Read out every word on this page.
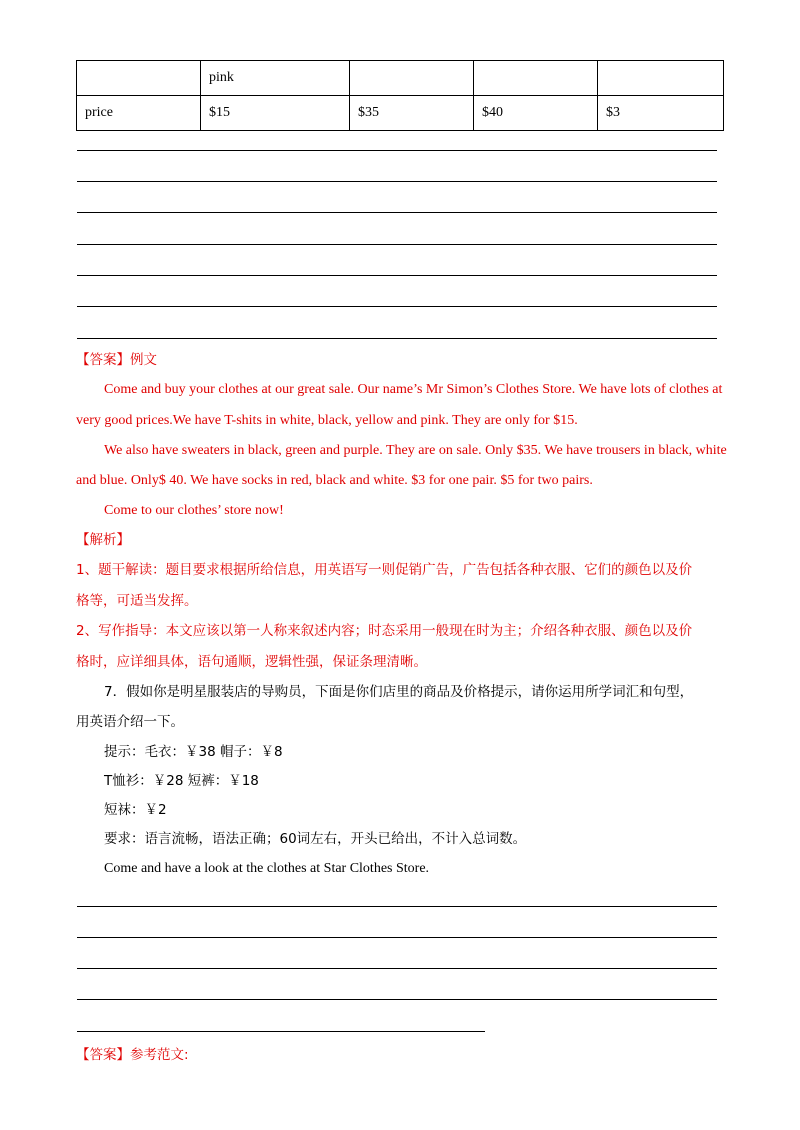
	pink			
price	$15	$35	$40	$3
【答案】例文
Come and buy your clothes at our great sale. Our name’s Mr Simon’s Clothes Store. We have lots of clothes at
very good prices.We have T-shits in white, black, yellow and pink. They are only for $15.
We also have sweaters in black, green and purple. They are on sale. Only $35. We have trousers in black, white
and blue. Only$ 40. We have socks in red, black and white. $3 for one pair. $5 for two pairs.
Come to our clothes’ store now!
【解析】
1、题干解读：题目要求根据所给信息，用英语写一则促销广告，广告包括各种衣服、它们的颜色以及价
格等，可适当发挥。
2、写作指导：本文应该以第一人称来叙述内容；时态采用一般现在时为主；介绍各种衣服、颜色以及价
格时，应详细具体，语句通顺，逻辑性强，保证条理清晰。
7．假如你是明星服装店的导购员，下面是你们店里的商品及价格提示，请你运用所学词汇和句型，
用英语介绍一下。
提示：毛衣：￥38 帽子：￥8
T恤衫：￥28 短裤：￥18
短袜：￥2
要求：语言流畅，语法正确；60词左右，开头已给出，不计入总词数。
Come and have a look at the clothes at Star Clothes Store.
【答案】参考范文:
